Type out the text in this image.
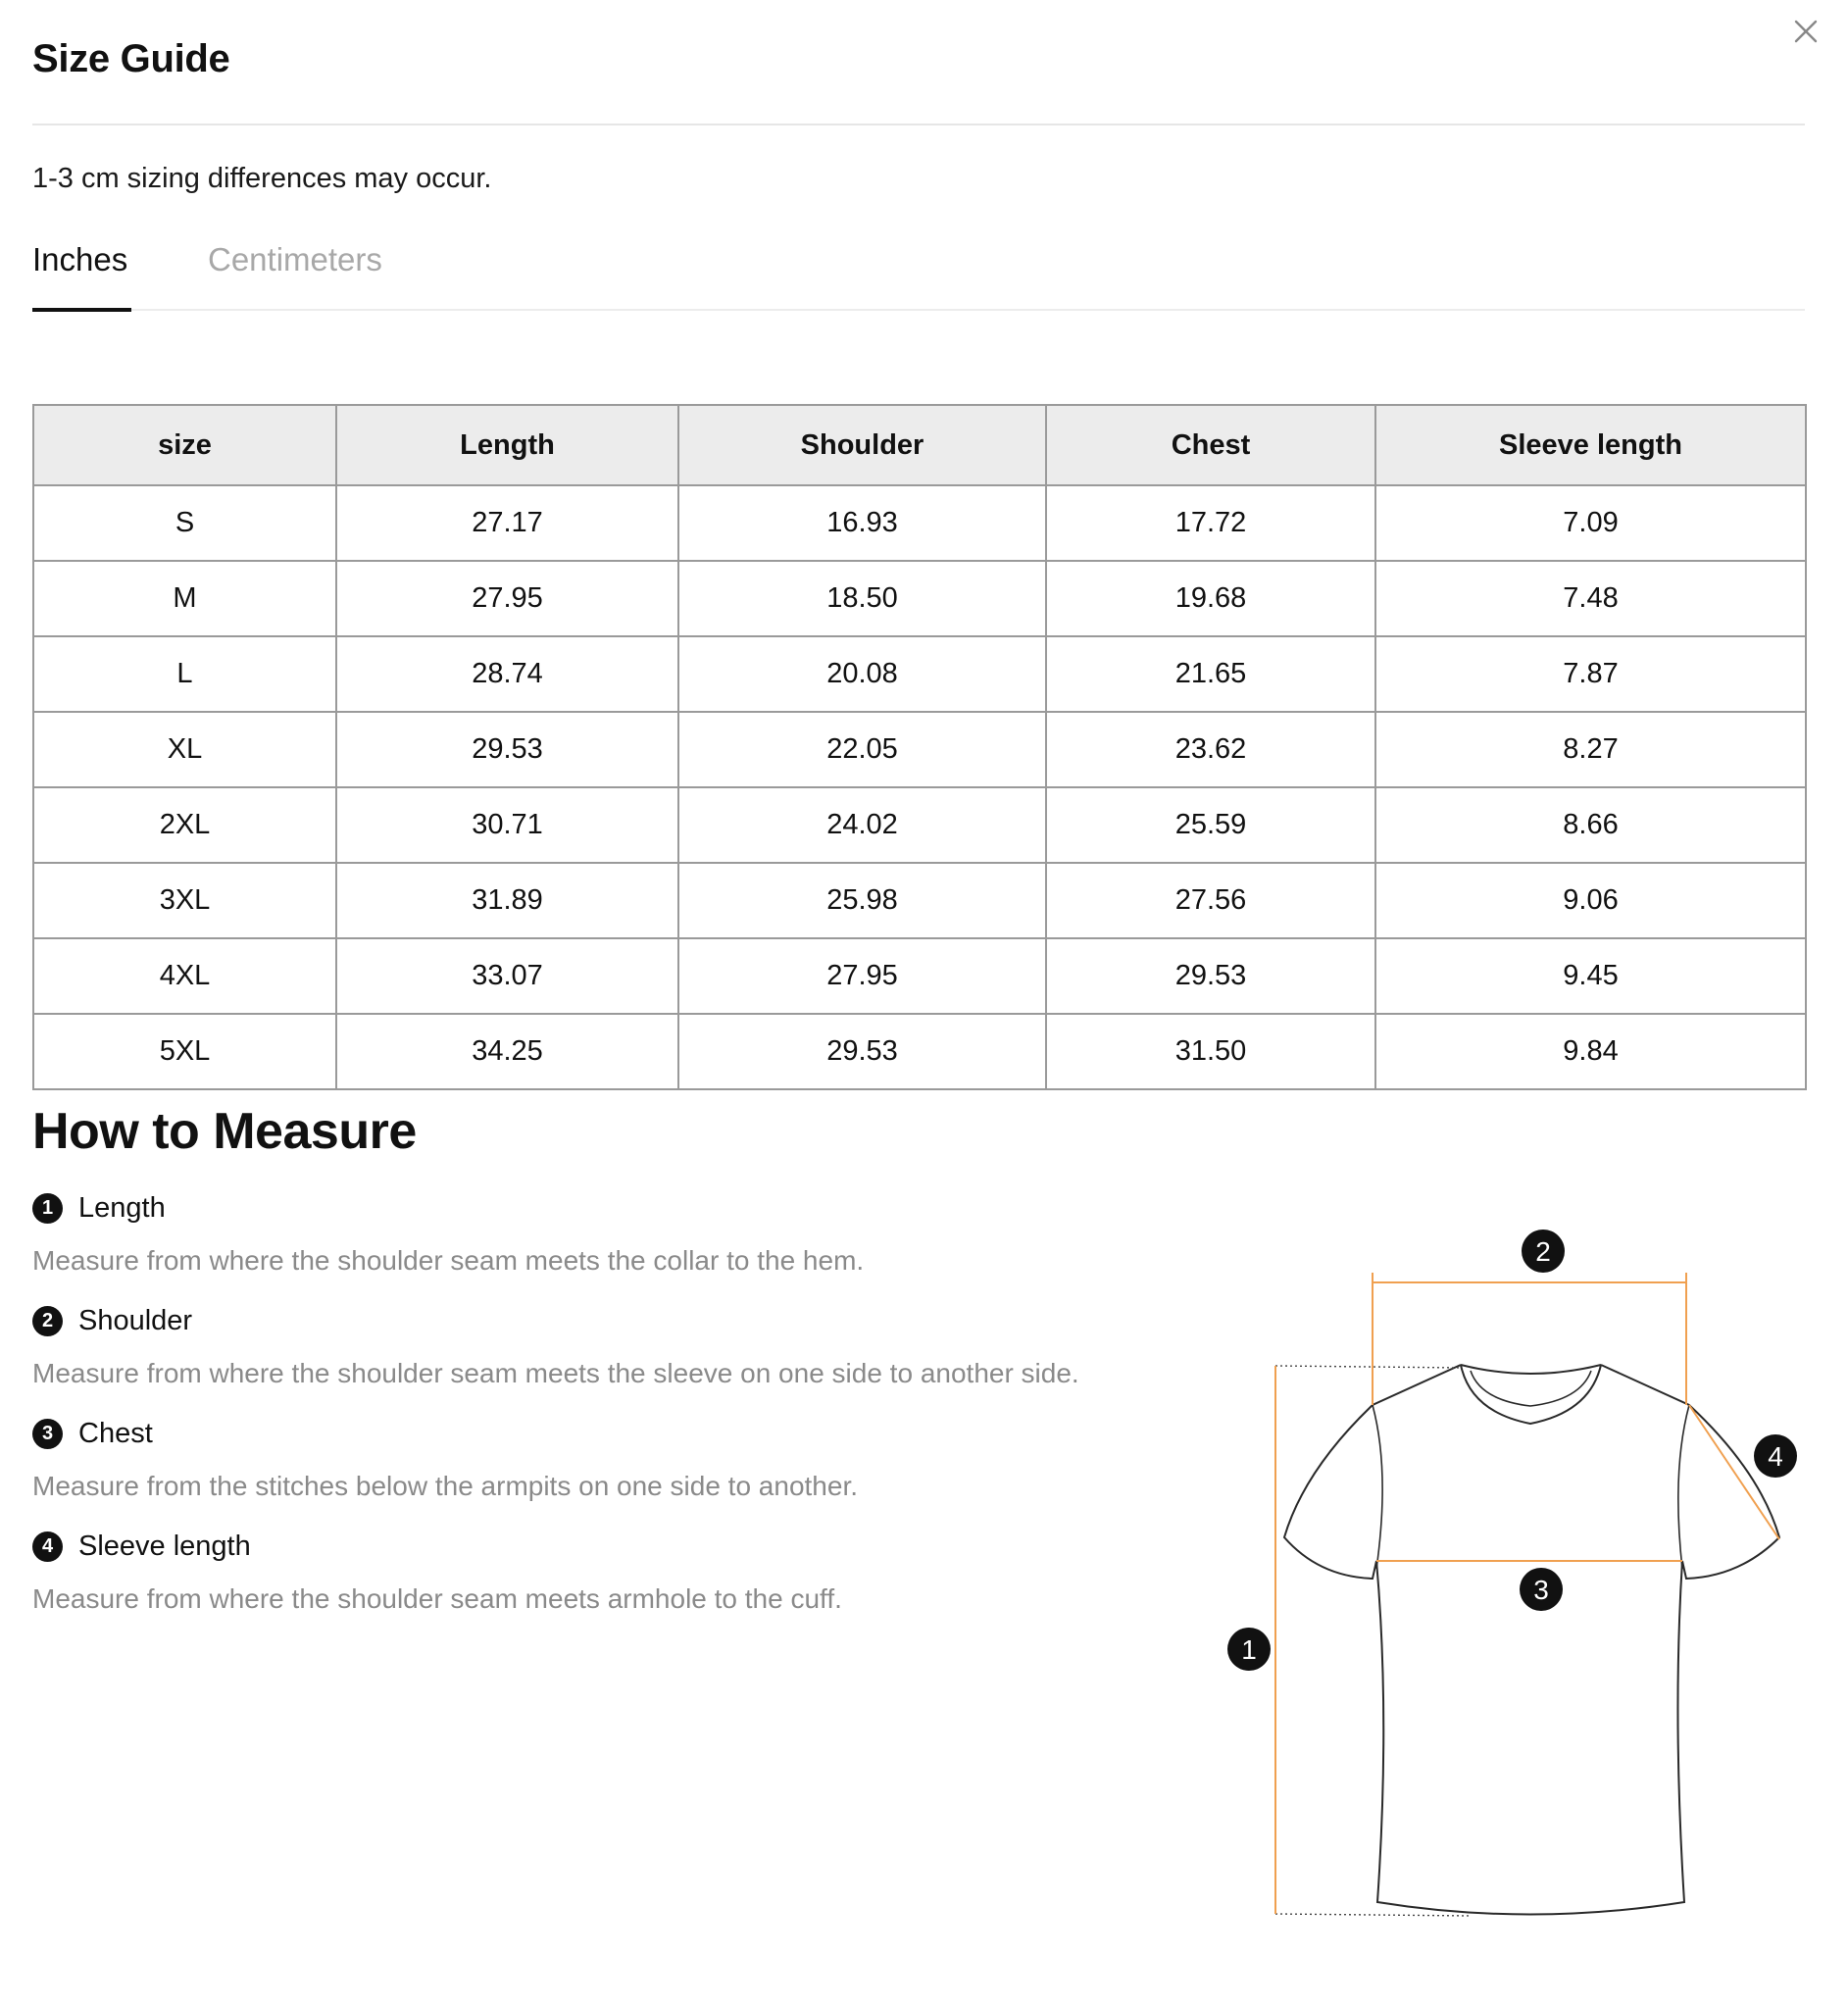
Size Guide
1-3 cm sizing differences may occur.
Inches Centimeters
size	Length	Shoulder	Chest	Sleeve length
S	27.17	16.93	17.72	7.09
M	27.95	18.50	19.68	7.48
L	28.74	20.08	21.65	7.87
XL	29.53	22.05	23.62	8.27
2XL	30.71	24.02	25.59	8.66
3XL	31.89	25.98	27.56	9.06
4XL	33.07	27.95	29.53	9.45
5XL	34.25	29.53	31.50	9.84
How to Measure
1 Length
Measure from where the shoulder seam meets the collar to the hem.
2 Shoulder
Measure from where the shoulder seam meets the sleeve on one side to another side.
3 Chest
Measure from the stitches below the armpits on one side to another.
4 Sleeve length
Measure from where the shoulder seam meets armhole to the cuff.
1
2
3
4
